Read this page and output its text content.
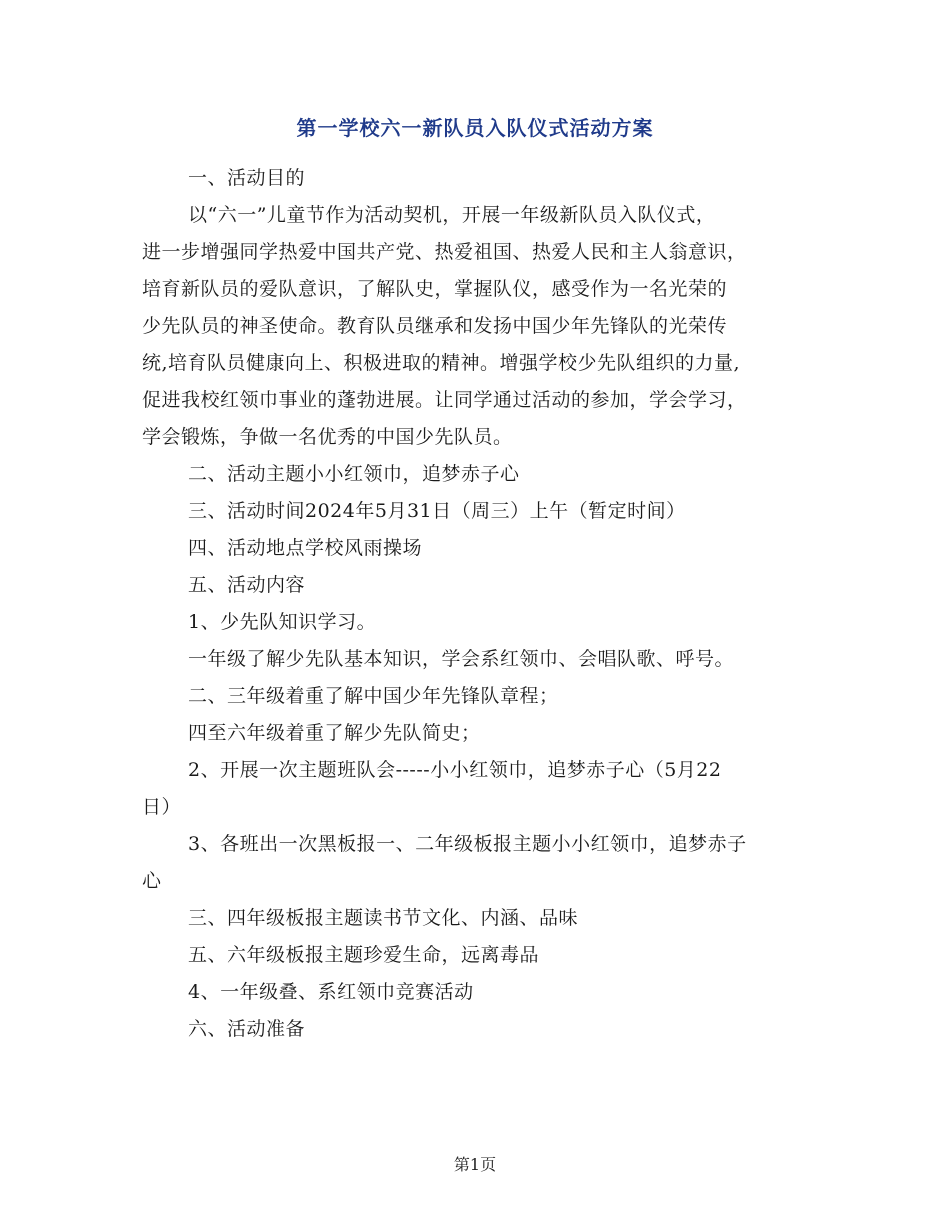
第一学校六一新队员入队仪式活动方案

一、活动目的

以“六一”儿童节作为活动契机，开展一年级新队员入队仪式，

进一步增强同学热爱中国共产党、热爱祖国、热爱人民和主人翁意识，

培育新队员的爱队意识，了解队史，掌握队仪，感受作为一名光荣的

少先队员的神圣使命。教育队员继承和发扬中国少年先锋队的光荣传

统,培育队员健康向上、积极进取的精神。增强学校少先队组织的力量,

促进我校红领巾事业的蓬勃进展。让同学通过活动的参加，学会学习，

学会锻炼，争做一名优秀的中国少先队员。

二、活动主题小小红领巾，追梦赤子心

三、活动时间2024年5月31日（周三）上午（暂定时间）

四、活动地点学校风雨操场

五、活动内容

1、少先队知识学习。

一年级了解少先队基本知识，学会系红领巾、会唱队歌、呼号。

二、三年级着重了解中国少年先锋队章程；

四至六年级着重了解少先队简史；

2、开展一次主题班队会-----小小红领巾，追梦赤子心（5月22

日）

3、各班出一次黑板报一、二年级板报主题小小红领巾，追梦赤子

心

三、四年级板报主题读书节文化、内涵、品味

五、六年级板报主题珍爱生命，远离毒品

4、一年级叠、系红领巾竞赛活动

六、活动准备

第1页
